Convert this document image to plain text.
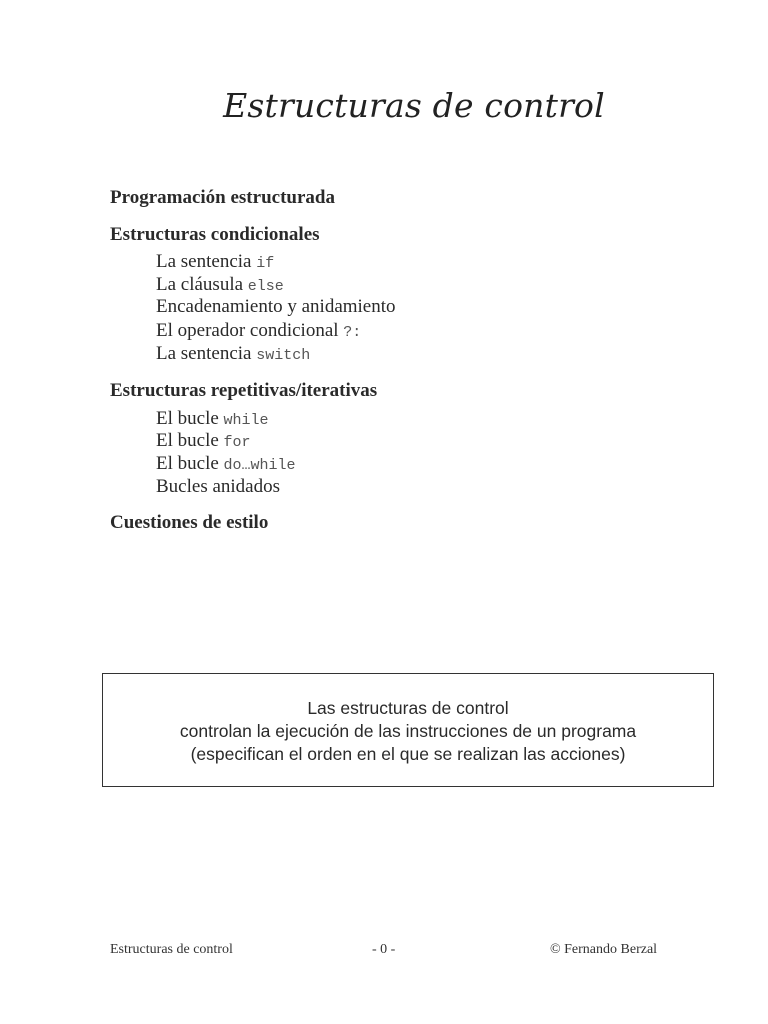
Estructuras de control
Programación estructurada
Estructuras condicionales
La sentencia if
La cláusula else
Encadenamiento y anidamiento
El operador condicional ?:
La sentencia switch
Estructuras repetitivas/iterativas
El bucle while
El bucle for
El bucle do…while
Bucles anidados
Cuestiones de estilo
Las estructuras de control
controlan la ejecución de las instrucciones de un programa
(especifican el orden en el que se realizan las acciones)
Estructuras de control	- 0 -	© Fernando Berzal
